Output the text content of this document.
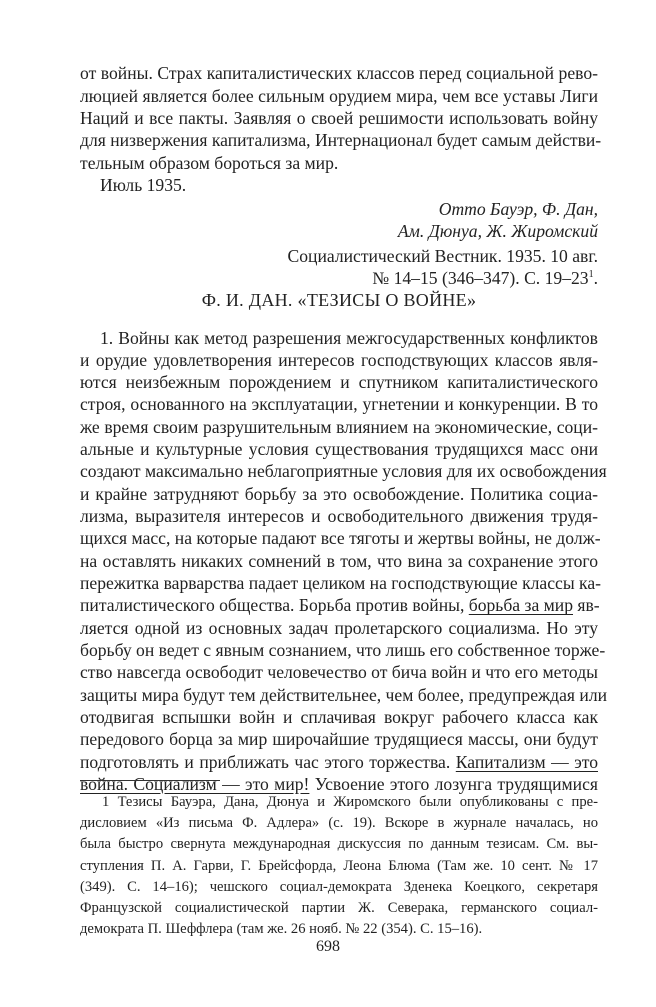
от войны. Страх капиталистических классов перед социальной рево-
люцией является более сильным орудием мира, чем все уставы Лиги
Наций и все пакты. Заявляя о своей решимости использовать войну
для низвержения капитализма, Интернационал будет самым действи-
тельным образом бороться за мир.
Июль 1935.
Отто Бауэр, Ф. Дан,
Ам. Дюнуа, Ж. Жиромский
Социалистический Вестник. 1935. 10 авг.
№ 14–15 (346–347). С. $19-23^1$.
Ф. И. ДАН. «ТЕЗИСЫ О ВОЙНЕ»
1. Войны как метод разрешения межгосударственных конфликтов
и орудие удовлетворения интересов господствующих классов явля-
ются неизбежным порождением и спутником капиталистического
строя, основанного на эксплуатации, угнетении и конкуренции. В то
же время своим разрушительным влиянием на экономические, соци-
альные и культурные условия существования трудящихся масс они
создают максимально неблагоприятные условия для их освобождения
и крайне затрудняют борьбу за это освобождение. Политика социа-
лизма, выразителя интересов и освободительного движения трудя-
щихся масс, на которые падают все тяготы и жертвы войны, не долж-
на оставлять никаких сомнений в том, что вина за сохранение этого
пережитка варварства падает целиком на господствующие классы ка-
питалистического общества. Борьба против войны, борьба за мир яв-
ляется одной из основных задач пролетарского социализма. Но эту
борьбу он ведет с явным сознанием, что лишь его собственное торже-
ство навсегда освободит человечество от бича войн и что его методы
защиты мира будут тем действительнее, чем более, предупреждая или
отодвигая вспышки войн и сплачивая вокруг рабочего класса как
передового борца за мир широчайшие трудящиеся массы, они будут
подготовлять и приближать час этого торжества. Капитализм — это
война. Социализм — это мир! Усвоение этого лозунга трудящимися
1 Тезисы Бауэра, Дана, Дюнуа и Жиромского были опубликованы с пре-
дисловием «Из письма Ф. Адлера» (с. 19). Вскоре в журнале началась, но
была быстро свернута международная дискуссия по данным тезисам. См. вы-
ступления П. А. Гарви, Г. Брейсфорда, Леона Блюма (Там же. 10 сент. № 17
(349). С. 14–16); чешского социал-демократа Зденека Коецкого, секретаря
Французской социалистической партии Ж. Северака, германского социал-
демократа П. Шеффлера (там же. 26 нояб. № 22 (354). С. 15–16).
698
